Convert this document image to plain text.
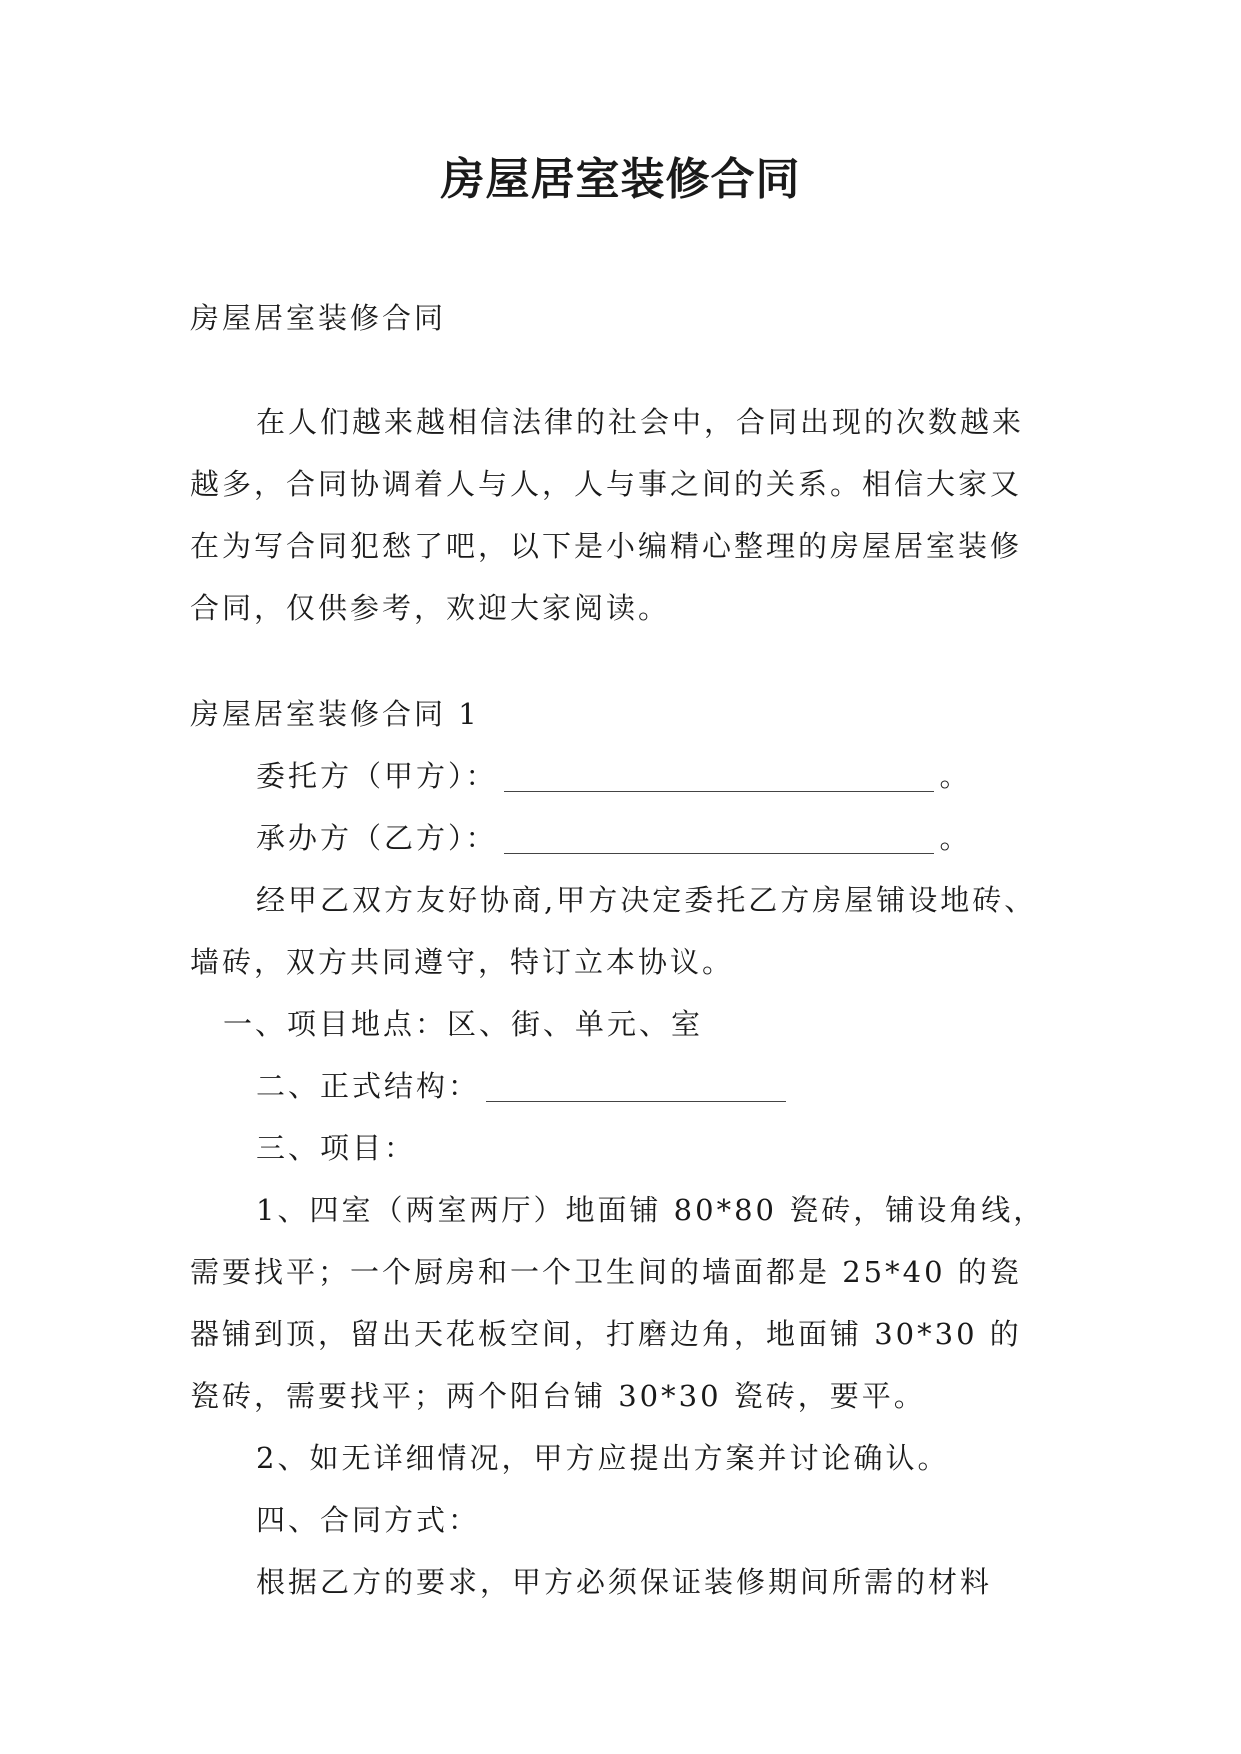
房屋居室装修合同

房屋居室装修合同

在人们越来越相信法律的社会中，合同出现的次数越来越多，合同协调着人与人，人与事之间的关系。相信大家又在为写合同犯愁了吧，以下是小编精心整理的房屋居室装修合同，仅供参考，欢迎大家阅读。

房屋居室装修合同 1

委托方（甲方）：	。

承办方（乙方）：	。

经甲乙双方友好协商,甲方决定委托乙方房屋铺设地砖、墙砖，双方共同遵守，特订立本协议。

一、项目地点：区、街、单元、室

二、正式结构：

三、项目：

1、四室（两室两厅）地面铺 80*80 瓷砖，铺设角线，需要找平；一个厨房和一个卫生间的墙面都是 25*40 的瓷器铺到顶，留出天花板空间，打磨边角，地面铺 30*30 的瓷砖，需要找平；两个阳台铺 30*30 瓷砖，要平。

2、如无详细情况，甲方应提出方案并讨论确认。

四、合同方式：

根据乙方的要求，甲方必须保证装修期间所需的材料
